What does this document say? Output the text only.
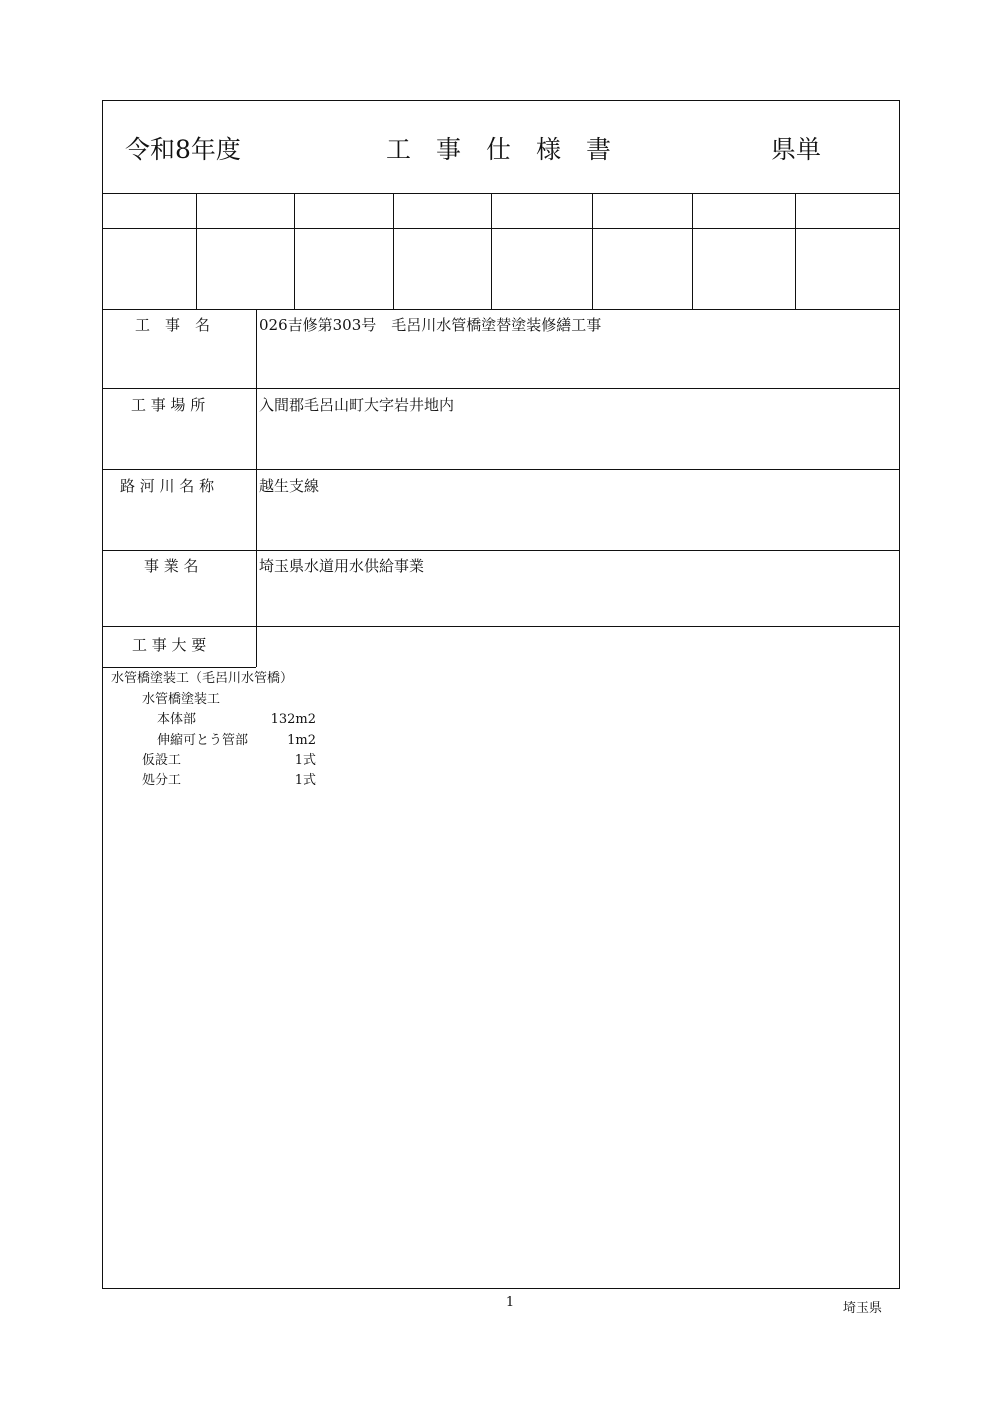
令和8年度	工　事　仕　様　書	県単
工　事　名	026吉修第303号　毛呂川水管橋塗替塗装修繕工事
工 事 場 所	入間郡毛呂山町大字岩井地内
路 河 川 名 称	越生支線
事 業 名	埼玉県水道用水供給事業
工 事 大 要
水管橋塗装工（毛呂川水管橋）
水管橋塗装工
本体部	132m2
伸縮可とう管部	1m2
仮設工	1式
処分工	1式
1	埼玉県
